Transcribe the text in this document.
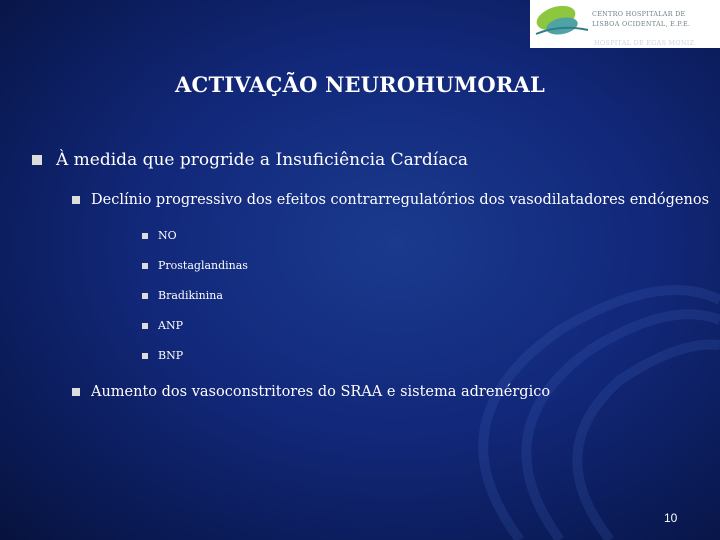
CENTRO HOSPITALAR DE
LISBOA OCIDENTAL, E.P.E.
HOSPITAL DE EGAS MONIZ
ACTIVAÇÃO NEUROHUMORAL
À medida que progride a Insuficiência Cardíaca
Declínio progressivo dos efeitos contrarregulatórios dos vasodilatadores endógenos
NO
Prostaglandinas
Bradikinina
ANP
BNP
Aumento dos vasoconstritores do SRAA e sistema adrenérgico
10
